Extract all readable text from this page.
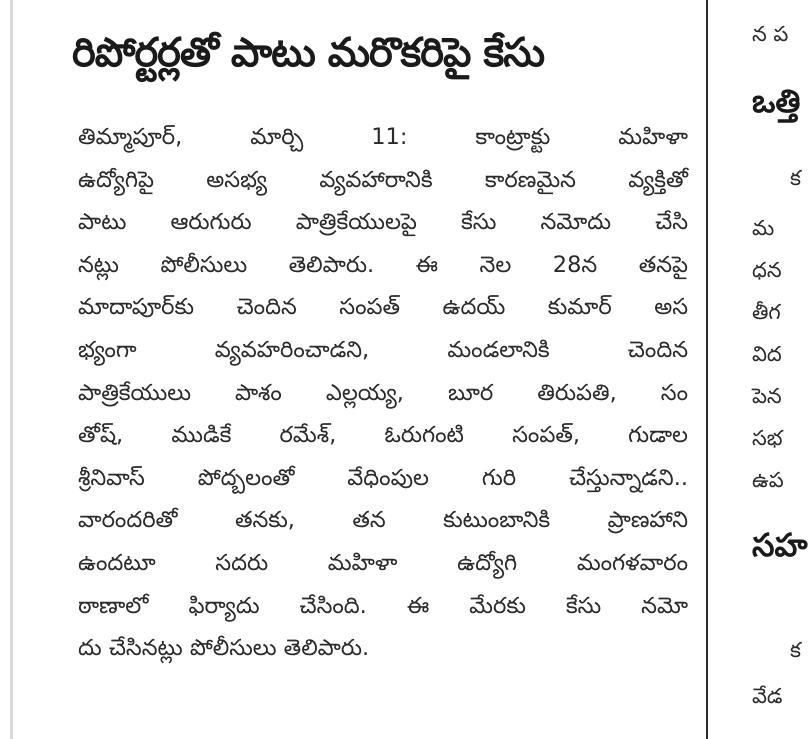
రిపోర్టర్లతో పాటు మరొకరిపై కేసు
తిమ్మాపూర్, మార్చి 11: కాంట్రాక్టు మహిళా
ఉద్యోగిపై అసభ్య వ్యవహారానికి కారణమైన వ్యక్తితో
పాటు ఆరుగురు పాత్రికేయులపై కేసు నమోదు చేసి
నట్లు పోలీసులు తెలిపారు. ఈ నెల 28న తనపై
మాదాపూర్‌కు చెందిన సంపత్ ఉదయ్ కుమార్ అస
భ్యంగా వ్యవహరించాడని, మండలానికి చెందిన
పాత్రికేయులు పాశం ఎల్లయ్య, బూర తిరుపతి, సం
తోష్, ముడికే రమేశ్, ఓరుగంటి సంపత్, గుడాల
శ్రీనివాస్ పోద్బలంతో వేధింపుల గురి చేస్తున్నాడని..
వారందరితో తనకు, తన కుటుంబానికి ప్రాణహాని
ఉందటూ సదరు మహిళా ఉద్యోగి మంగళవారం
ఠాణాలో ఫిర్యాదు చేసింది. ఈ మేరకు కేసు నమో
దు చేసినట్లు పోలీసులు తెలిపారు.
న ప
ఒత్తి
క
మ
ధన
తీగ
విద
పెన
సభ
ఉప
సహ
క
వేడ
